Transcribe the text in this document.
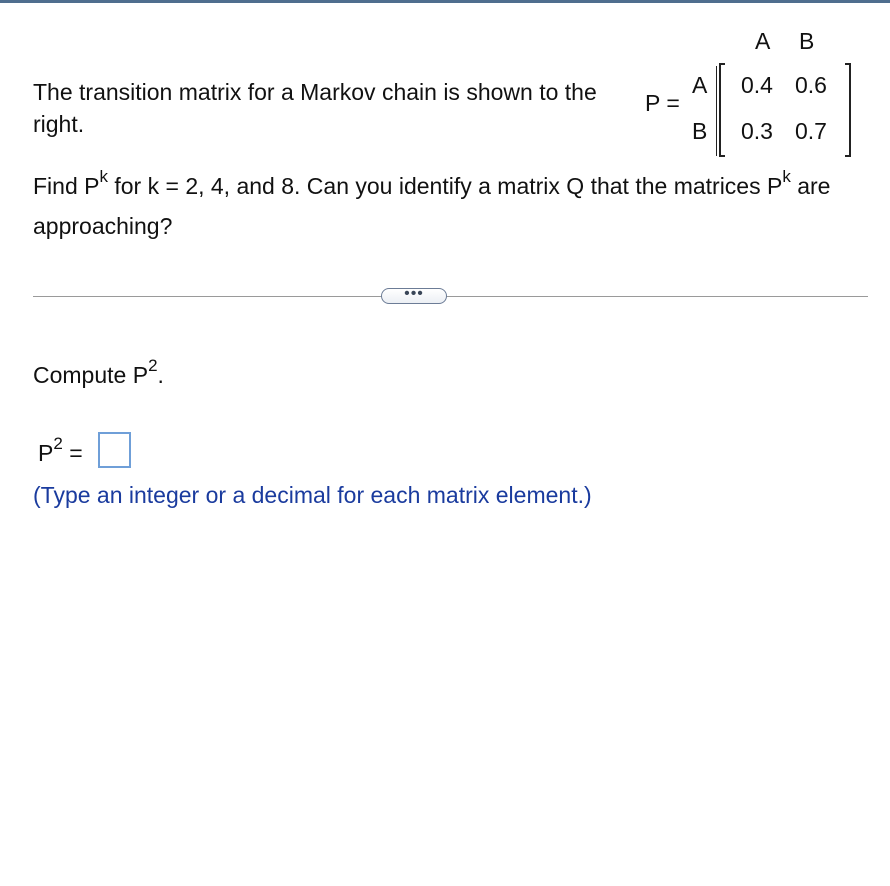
The transition matrix for a Markov chain is shown to the right.
P =
A B
A
B
0.4 0.6
0.3 0.7
Find $P^k$ for k = 2, 4, and 8. Can you identify a matrix Q that the matrices $P^k$ are approaching?
•••
Compute $P^2$.
$P^2$ =
(Type an integer or a decimal for each matrix element.)
